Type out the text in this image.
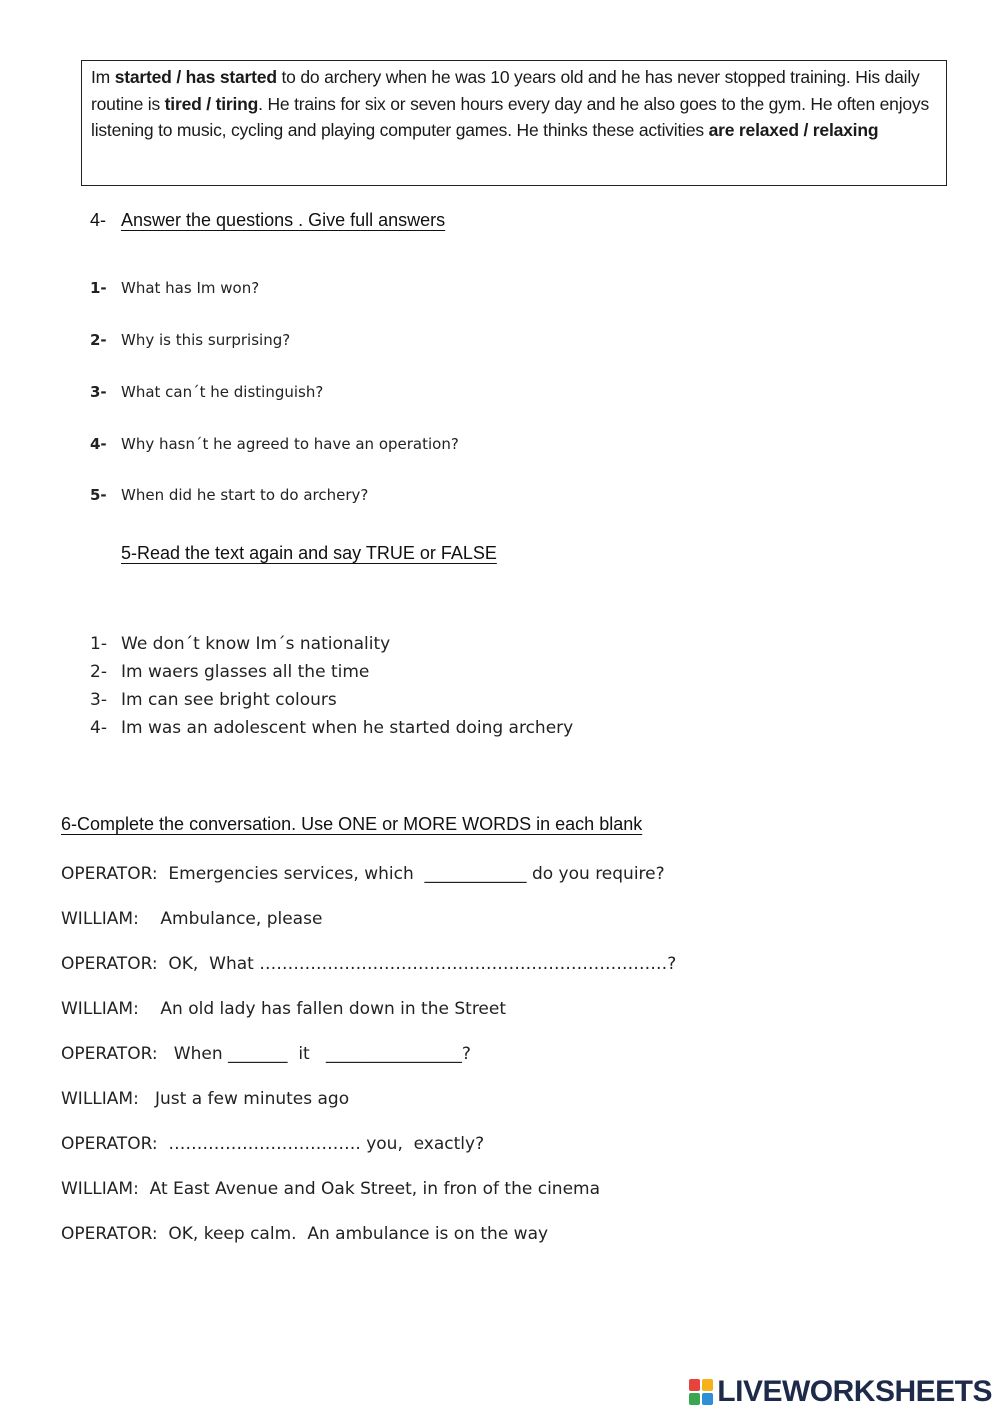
Im started / has started to do archery when he was 10 years old and he has never stopped training. His daily
routine is tired / tiring. He trains for six or seven hours every day and he also goes to the gym. He often enjoys
listening to music, cycling and playing computer games. He thinks these activities are relaxed / relaxing
4- Answer the questions . Give full answers
1- What has Im won?
2- Why is this surprising?
3- What can´t he distinguish?
4- Why hasn´t he agreed to have an operation?
5- When did he start to do archery?
5-Read the text again and say TRUE or FALSE
1- We don´t know Im´s nationality
2- Im waers glasses all the time
3- Im can see bright colours
4- Im was an adolescent when he started doing archery
6-Complete the conversation. Use ONE or MORE WORDS in each blank
OPERATOR:  Emergencies services, which  ____________ do you require?
WILLIAM:    Ambulance, please
OPERATOR:  OK,  What ………………………………………………………………?
WILLIAM:    An old lady has fallen down in the Street
OPERATOR:   When _______  it   ________________?
WILLIAM:   Just a few minutes ago
OPERATOR:  ……………………………. you,  exactly?
WILLIAM:  At East Avenue and Oak Street, in fron of the cinema
OPERATOR:  OK, keep calm.  An ambulance is on the way
LIVEWORKSHEETS
